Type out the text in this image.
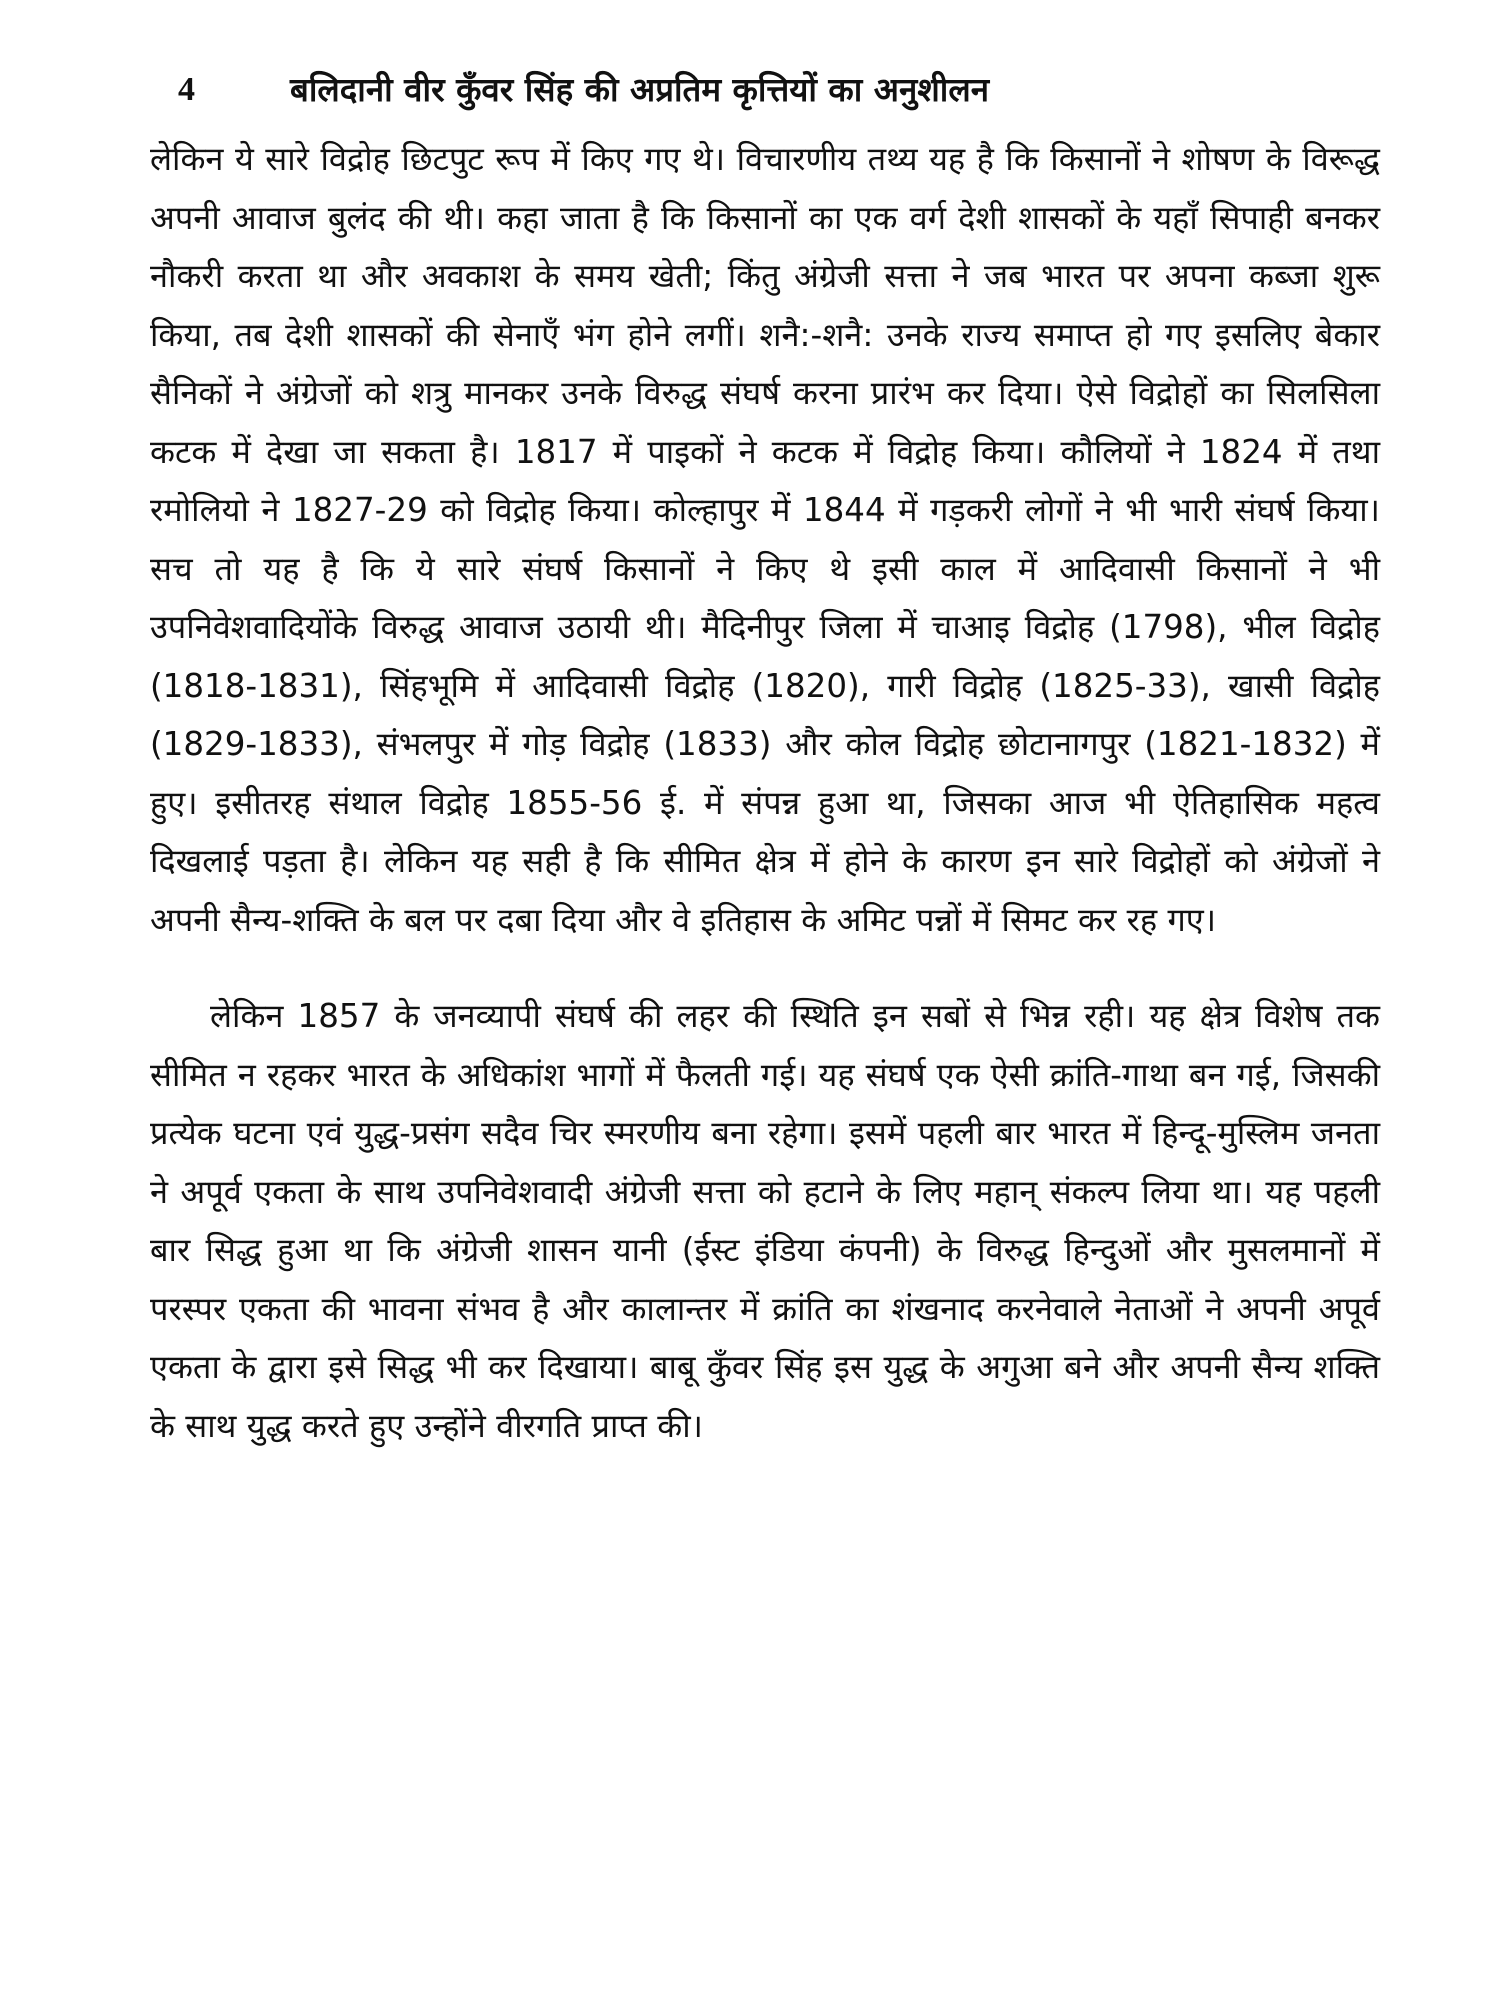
4	बलिदानी वीर कुँवर सिंह की अप्रतिम कृत्तियों का अनुशीलन

लेकिन ये सारे विद्रोह छिटपुट रूप में किए गए थे। विचारणीय तथ्य यह है कि किसानों ने शोषण के विरूद्ध अपनी आवाज बुलंद की थी। कहा जाता है कि किसानों का एक वर्ग देशी शासकों के यहाँ सिपाही बनकर नौकरी करता था और अवकाश के समय खेती; किंतु अंग्रेजी सत्ता ने जब भारत पर अपना कब्जा शुरू किया, तब देशी शासकों की सेनाएँ भंग होने लगीं। शनै:-शनै: उनके राज्य समाप्त हो गए इसलिए बेकार सैनिकों ने अंग्रेजों को शत्रु मानकर उनके विरुद्ध संघर्ष करना प्रारंभ कर दिया। ऐसे विद्रोहों का सिलसिला कटक में देखा जा सकता है। 1817 में पाइकों ने कटक में विद्रोह किया। कौलियों ने 1824 में तथा रमोलियो ने 1827-29 को विद्रोह किया। कोल्हापुर में 1844 में गड़करी लोगों ने भी भारी संघर्ष किया। सच तो यह है कि ये सारे संघर्ष किसानों ने किए थे इसी काल में आदिवासी किसानों ने भी उपनिवेशवादियोंके विरुद्ध आवाज उठायी थी। मैदिनीपुर जिला में चाआइ विद्रोह (1798), भील विद्रोह (1818-1831), सिंहभूमि में आदिवासी विद्रोह (1820), गारी विद्रोह (1825-33), खासी विद्रोह (1829-1833), संभलपुर में गोड़ विद्रोह (1833) और कोल विद्रोह छोटानागपुर (1821-1832) में हुए। इसीतरह संथाल विद्रोह 1855-56 ई. में संपन्न हुआ था, जिसका आज भी ऐतिहासिक महत्व दिखलाई पड़ता है। लेकिन यह सही है कि सीमित क्षेत्र में होने के कारण इन सारे विद्रोहों को अंग्रेजों ने अपनी सैन्य-शक्ति के बल पर दबा दिया और वे इतिहास के अमिट पन्नों में सिमट कर रह गए।

लेकिन 1857 के जनव्यापी संघर्ष की लहर की स्थिति इन सबों से भिन्न रही। यह क्षेत्र विशेष तक सीमित न रहकर भारत के अधिकांश भागों में फैलती गई। यह संघर्ष एक ऐसी क्रांति-गाथा बन गई, जिसकी प्रत्येक घटना एवं युद्ध-प्रसंग सदैव चिर स्मरणीय बना रहेगा। इसमें पहली बार भारत में हिन्दू-मुस्लिम जनता ने अपूर्व एकता के साथ उपनिवेशवादी अंग्रेजी सत्ता को हटाने के लिए महान् संकल्प लिया था। यह पहली बार सिद्ध हुआ था कि अंग्रेजी शासन यानी (ईस्ट इंडिया कंपनी) के विरुद्ध हिन्दुओं और मुसलमानों में परस्पर एकता की भावना संभव है और कालान्तर में क्रांति का शंखनाद करनेवाले नेताओं ने अपनी अपूर्व एकता के द्वारा इसे सिद्ध भी कर दिखाया। बाबू कुँवर सिंह इस युद्ध के अगुआ बने और अपनी सैन्य शक्ति के साथ युद्ध करते हुए उन्होंने वीरगति प्राप्त की।
